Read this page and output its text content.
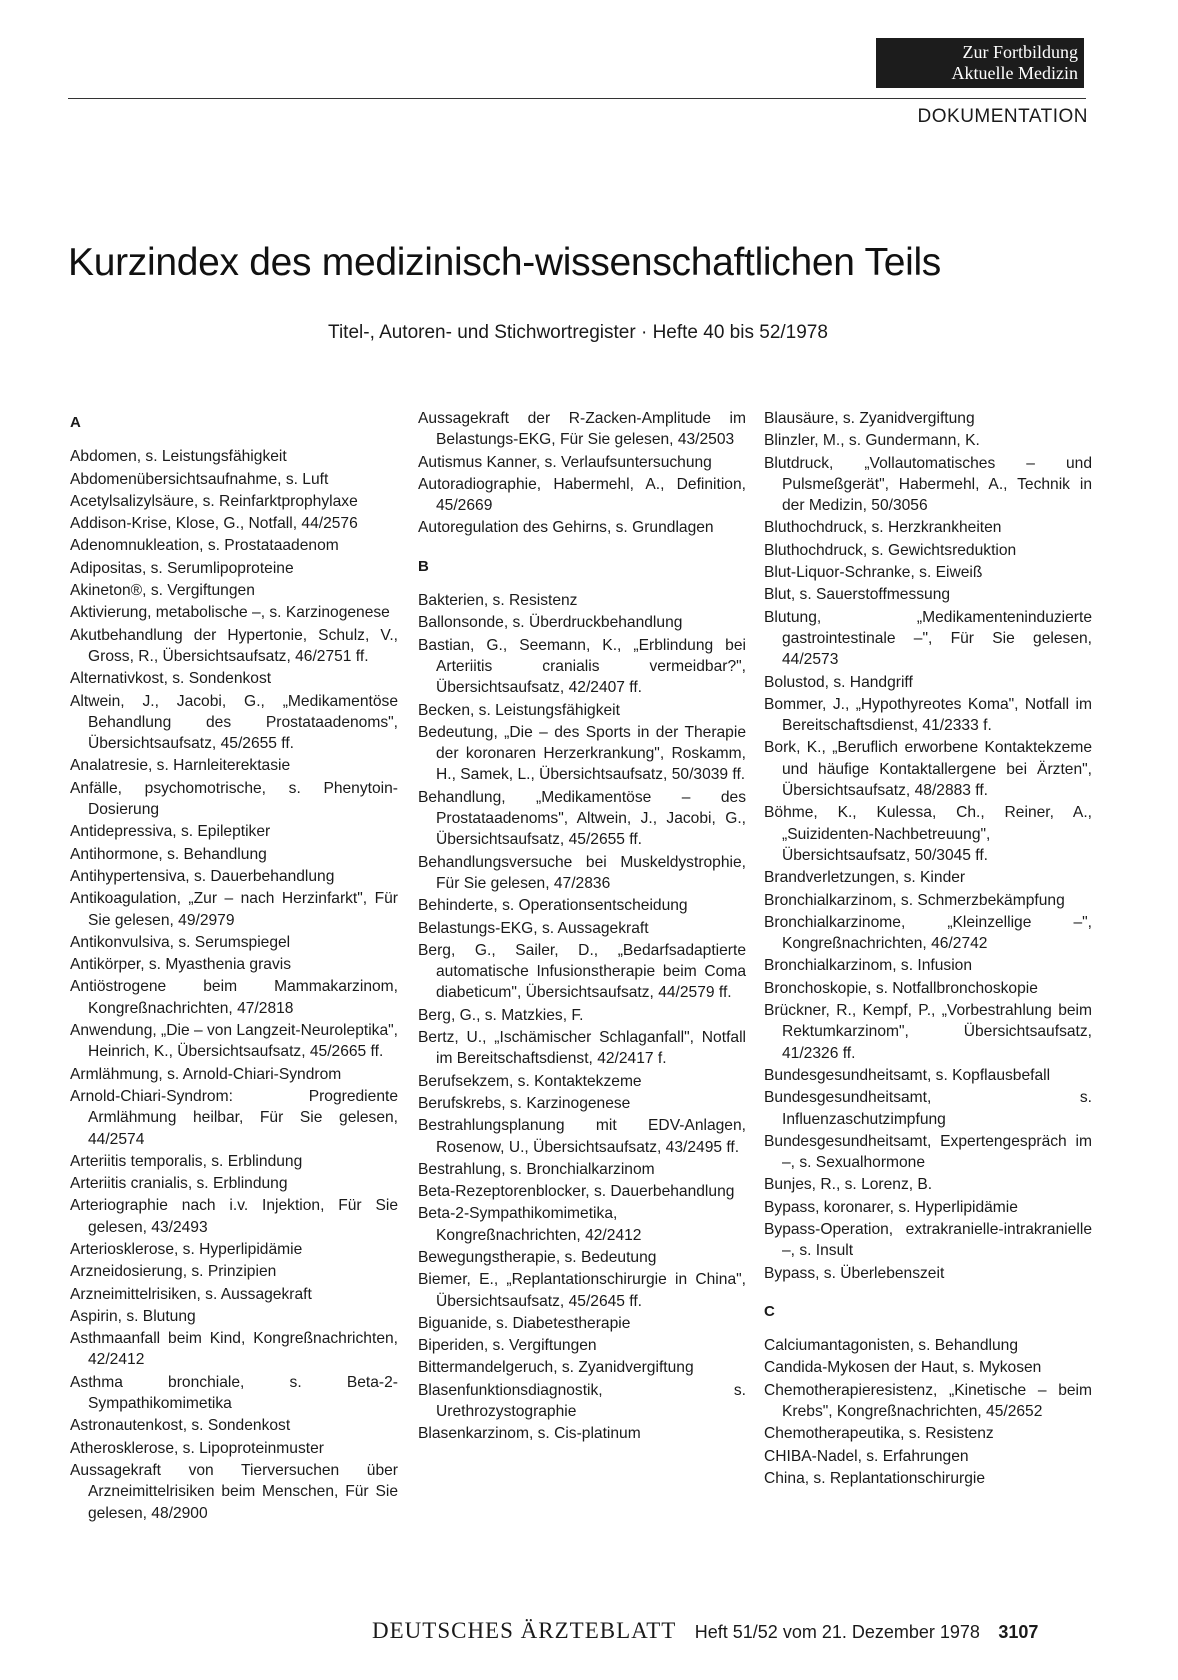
Zur Fortbildung
Aktuelle Medizin
DOKUMENTATION
Kurzindex des medizinisch-wissenschaftlichen Teils
Titel-, Autoren- und Stichwortregister · Hefte 40 bis 52/1978
A
Abdomen, s. Leistungsfähigkeit
Abdomenübersichtsaufnahme, s. Luft
Acetylsalizylsäure, s. Reinfarktprophylaxe
Addison-Krise, Klose, G., Notfall, 44/2576
Adenomnukleation, s. Prostataadenom
Adipositas, s. Serumlipoproteine
Akineton®, s. Vergiftungen
Aktivierung, metabolische –, s. Karzinogenese
Akutbehandlung der Hypertonie, Schulz, V., Gross, R., Übersichtsaufsatz, 46/2751 ff.
Alternativkost, s. Sondenkost
Altwein, J., Jacobi, G., „Medikamentöse Behandlung des Prostataadenoms", Übersichtsaufsatz, 45/2655 ff.
Analatresie, s. Harnleiterektasie
Anfälle, psychomotrische, s. Phenytoin-Dosierung
Antidepressiva, s. Epileptiker
Antihormone, s. Behandlung
Antihypertensiva, s. Dauerbehandlung
Antikoagulation, „Zur – nach Herzinfarkt", Für Sie gelesen, 49/2979
Antikonvulsiva, s. Serumspiegel
Antikörper, s. Myasthenia gravis
Antiöstrogene beim Mammakarzinom, Kongreßnachrichten, 47/2818
Anwendung, „Die – von Langzeit-Neuroleptika", Heinrich, K., Übersichtsaufsatz, 45/2665 ff.
Armlähmung, s. Arnold-Chiari-Syndrom
Arnold-Chiari-Syndrom: Progrediente Armlähmung heilbar, Für Sie gelesen, 44/2574
Arteriitis temporalis, s. Erblindung
Arteriitis cranialis, s. Erblindung
Arteriographie nach i.v. Injektion, Für Sie gelesen, 43/2493
Arteriosklerose, s. Hyperlipidämie
Arzneidosierung, s. Prinzipien
Arzneimittelrisiken, s. Aussagekraft
Aspirin, s. Blutung
Asthmaanfall beim Kind, Kongreßnachrichten, 42/2412
Asthma bronchiale, s. Beta-2-Sympathikomimetika
Astronautenkost, s. Sondenkost
Atherosklerose, s. Lipoproteinmuster
Aussagekraft von Tierversuchen über Arzneimittelrisiken beim Menschen, Für Sie gelesen, 48/2900
Aussagekraft der R-Zacken-Amplitude im Belastungs-EKG, Für Sie gelesen, 43/2503
Autismus Kanner, s. Verlaufsuntersuchung
Autoradiographie, Habermehl, A., Definition, 45/2669
Autoregulation des Gehirns, s. Grundlagen
B
Bakterien, s. Resistenz
Ballonsonde, s. Überdruckbehandlung
Bastian, G., Seemann, K., „Erblindung bei Arteriitis cranialis vermeidbar?", Übersichtsaufsatz, 42/2407 ff.
Becken, s. Leistungsfähigkeit
Bedeutung, „Die – des Sports in der Therapie der koronaren Herzerkrankung", Roskamm, H., Samek, L., Übersichtsaufsatz, 50/3039 ff.
Behandlung, „Medikamentöse – des Prostataadenoms", Altwein, J., Jacobi, G., Übersichtsaufsatz, 45/2655 ff.
Behandlungsversuche bei Muskeldystrophie, Für Sie gelesen, 47/2836
Behinderte, s. Operationsentscheidung
Belastungs-EKG, s. Aussagekraft
Berg, G., Sailer, D., „Bedarfsadaptierte automatische Infusionstherapie beim Coma diabeticum", Übersichtsaufsatz, 44/2579 ff.
Berg, G., s. Matzkies, F.
Bertz, U., „Ischämischer Schlaganfall", Notfall im Bereitschaftsdienst, 42/2417 f.
Berufsekzem, s. Kontaktekzeme
Berufskrebs, s. Karzinogenese
Bestrahlungsplanung mit EDV-Anlagen, Rosenow, U., Übersichtsaufsatz, 43/2495 ff.
Bestrahlung, s. Bronchialkarzinom
Beta-Rezeptorenblocker, s. Dauerbehandlung
Beta-2-Sympathikomimetika, Kongreßnachrichten, 42/2412
Bewegungstherapie, s. Bedeutung
Biemer, E., „Replantationschirurgie in China", Übersichtsaufsatz, 45/2645 ff.
Biguanide, s. Diabetestherapie
Biperiden, s. Vergiftungen
Bittermandelgeruch, s. Zyanidvergiftung
Blasenfunktionsdiagnostik, s. Urethrozystographie
Blasenkarzinom, s. Cis-platinum
Blausäure, s. Zyanidvergiftung
Blinzler, M., s. Gundermann, K.
Blutdruck, „Vollautomatisches – und Pulsmeßgerät", Habermehl, A., Technik in der Medizin, 50/3056
Bluthochdruck, s. Herzkrankheiten
Bluthochdruck, s. Gewichtsreduktion
Blut-Liquor-Schranke, s. Eiweiß
Blut, s. Sauerstoffmessung
Blutung, „Medikamenteninduzierte gastrointestinale –", Für Sie gelesen, 44/2573
Bolustod, s. Handgriff
Bommer, J., „Hypothyreotes Koma", Notfall im Bereitschaftsdienst, 41/2333 f.
Bork, K., „Beruflich erworbene Kontaktekzeme und häufige Kontaktallergene bei Ärzten", Übersichtsaufsatz, 48/2883 ff.
Böhme, K., Kulessa, Ch., Reiner, A., „Suizidenten-Nachbetreuung", Übersichtsaufsatz, 50/3045 ff.
Brandverletzungen, s. Kinder
Bronchialkarzinom, s. Schmerzbekämpfung
Bronchialkarzinome, „Kleinzellige –", Kongreßnachrichten, 46/2742
Bronchialkarzinom, s. Infusion
Bronchoskopie, s. Notfallbronchoskopie
Brückner, R., Kempf, P., „Vorbestrahlung beim Rektumkarzinom", Übersichtsaufsatz, 41/2326 ff.
Bundesgesundheitsamt, s. Kopflausbefall
Bundesgesundheitsamt, s. Influenzaschutzimpfung
Bundesgesundheitsamt, Expertengespräch im –, s. Sexualhormone
Bunjes, R., s. Lorenz, B.
Bypass, koronarer, s. Hyperlipidämie
Bypass-Operation, extrakranielle-intrakranielle –, s. Insult
Bypass, s. Überlebenszeit
C
Calciumantagonisten, s. Behandlung
Candida-Mykosen der Haut, s. Mykosen
Chemotherapieresistenz, „Kinetische – beim Krebs", Kongreßnachrichten, 45/2652
Chemotherapeutika, s. Resistenz
CHIBA-Nadel, s. Erfahrungen
China, s. Replantationschirurgie
DEUTSCHES ÄRZTEBLATT Heft 51/52 vom 21. Dezember 1978 3107
